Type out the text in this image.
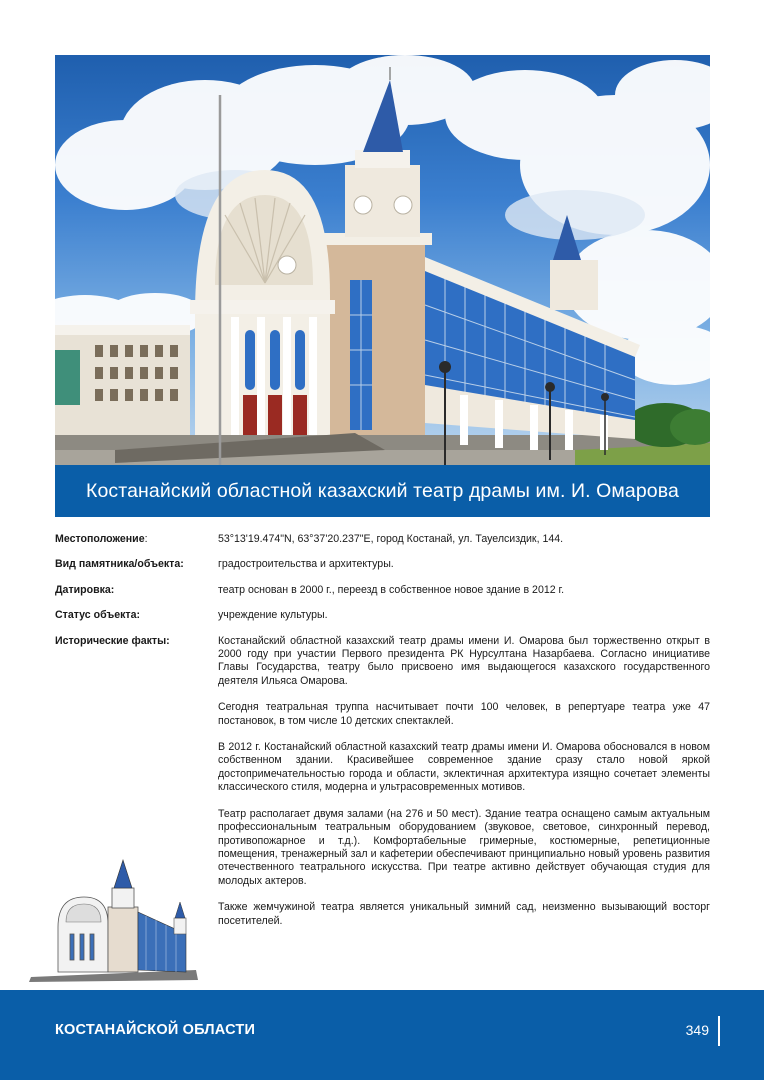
Костанайский областной казахский театр драмы им. И. Омарова
Местоположение:	53°13'19.474"N, 63°37'20.237"E, город Костанай, ул. Тауелсиздик, 144.

Вид памятника/объекта:	градостроительства и архитектуры.

Датировка:	театр основан в 2000 г., переезд в собственное новое здание в 2012 г.

Статус объекта:	учреждение культуры.

Исторические факты:	Костанайский областной казахский театр драмы имени И. Омарова был торжественно открыт в 2000 году при участии Первого президента РК Нурсултана Назарбаева. Согласно инициативе Главы Государства, театру было присвоено имя выдающегося казахского государственного деятеля Ильяса Омарова.

Сегодня театральная труппа насчитывает почти 100 человек, в репертуаре театра уже 47 постановок, в том числе 10 детских спектаклей.

В 2012 г. Костанайский областной казахский театр драмы имени И. Омарова обосновался в новом собственном здании. Красивейшее современное здание сразу стало новой яркой достопримечательностью города и области, эклектичная архитектура изящно сочетает элементы классического стиля, модерна и ультрасовременных мотивов.

Театр располагает двумя залами (на 276 и 50 мест). Здание театра оснащено самым актуальным профессиональным театральным оборудованием (звуковое, световое, синхронный перевод, противопожарное и т.д.). Комфортабельные гримерные, костюмерные, репетиционные помещения, тренажерный зал и кафетерии обеспечивают принципиально новый уровень развития отечественного театрального искусства. При театре активно действует обучающая студия для молодых актеров.

Также жемчужиной театра является уникальный зимний сад, неизменно вызывающий восторг посетителей.

КОСТАНАЙСКОЙ ОБЛАСТИ	349
